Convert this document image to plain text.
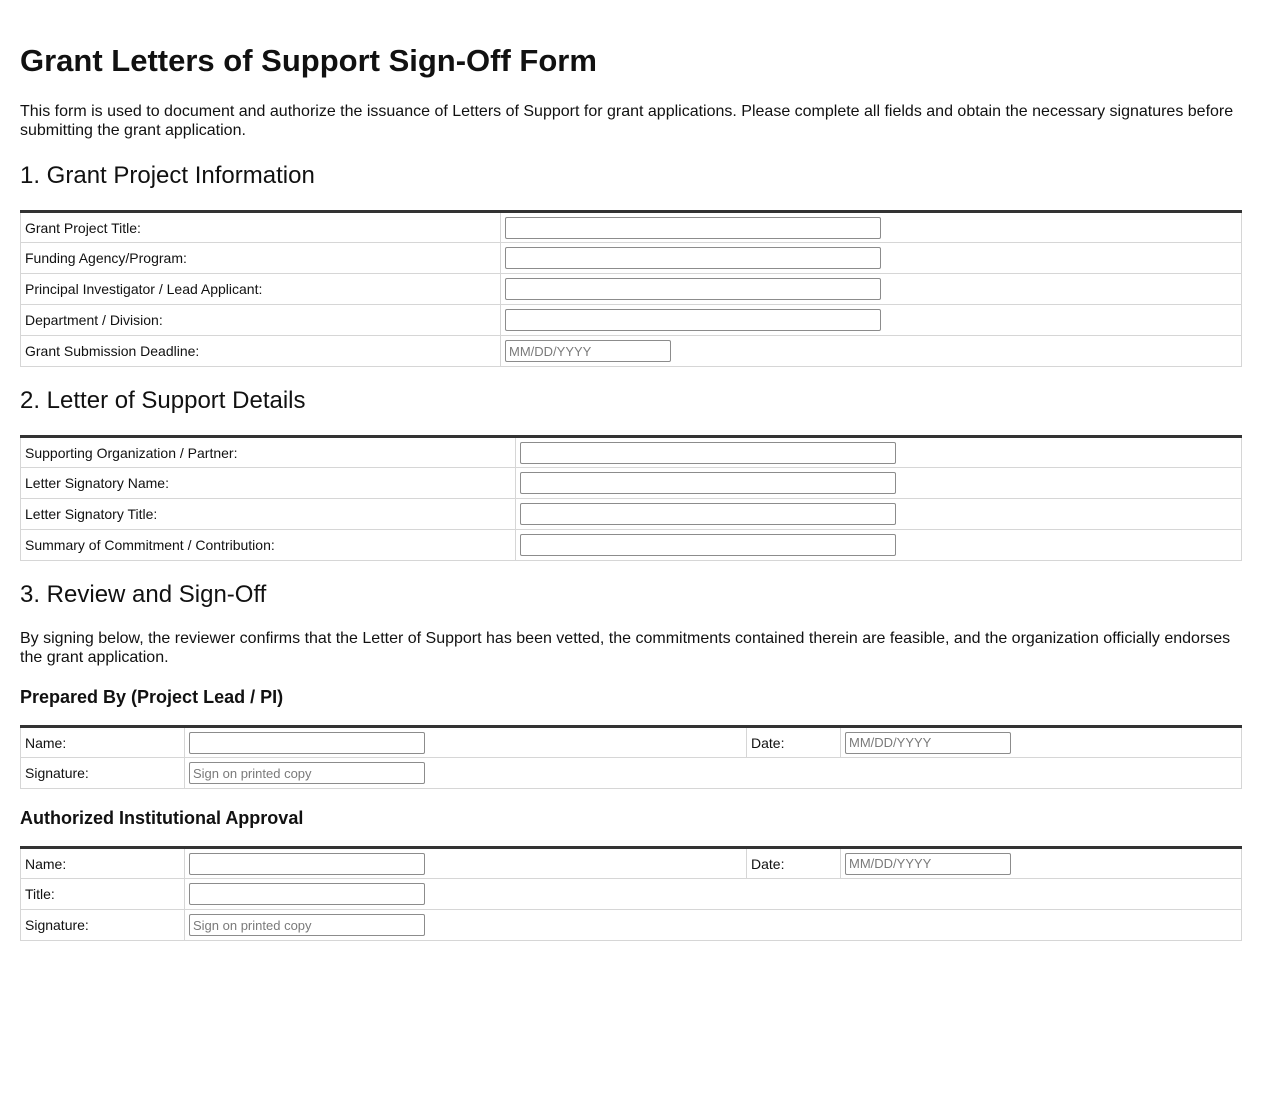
Grant Letters of Support Sign-Off Form

This form is used to document and authorize the issuance of Letters of Support for grant applications. Please complete all fields and obtain the necessary signatures before submitting the grant application.

1. Grant Project Information
Grant Project Title:	

Funding Agency/Program:	

Principal Investigator / Lead Applicant:	

Department / Division:	

Grant Submission Deadline:	
MM/DD/YYYY
2. Letter of Support Details
Supporting Organization / Partner:	

Letter Signatory Name:	

Letter Signatory Title:	

Summary of Commitment / Contribution:	
3. Review and Sign-Off

By signing below, the reviewer confirms that the Letter of Support has been vetted, the commitments contained therein are feasible, and the organization officially endorses the grant application.

Prepared By (Project Lead / PI)
Name:		Date:	
MM/DD/YYYY
Signature:	
Sign on printed copy
Authorized Institutional Approval
Name:		Date:	
MM/DD/YYYY
Title:	

Signature:	
Sign on printed copy
